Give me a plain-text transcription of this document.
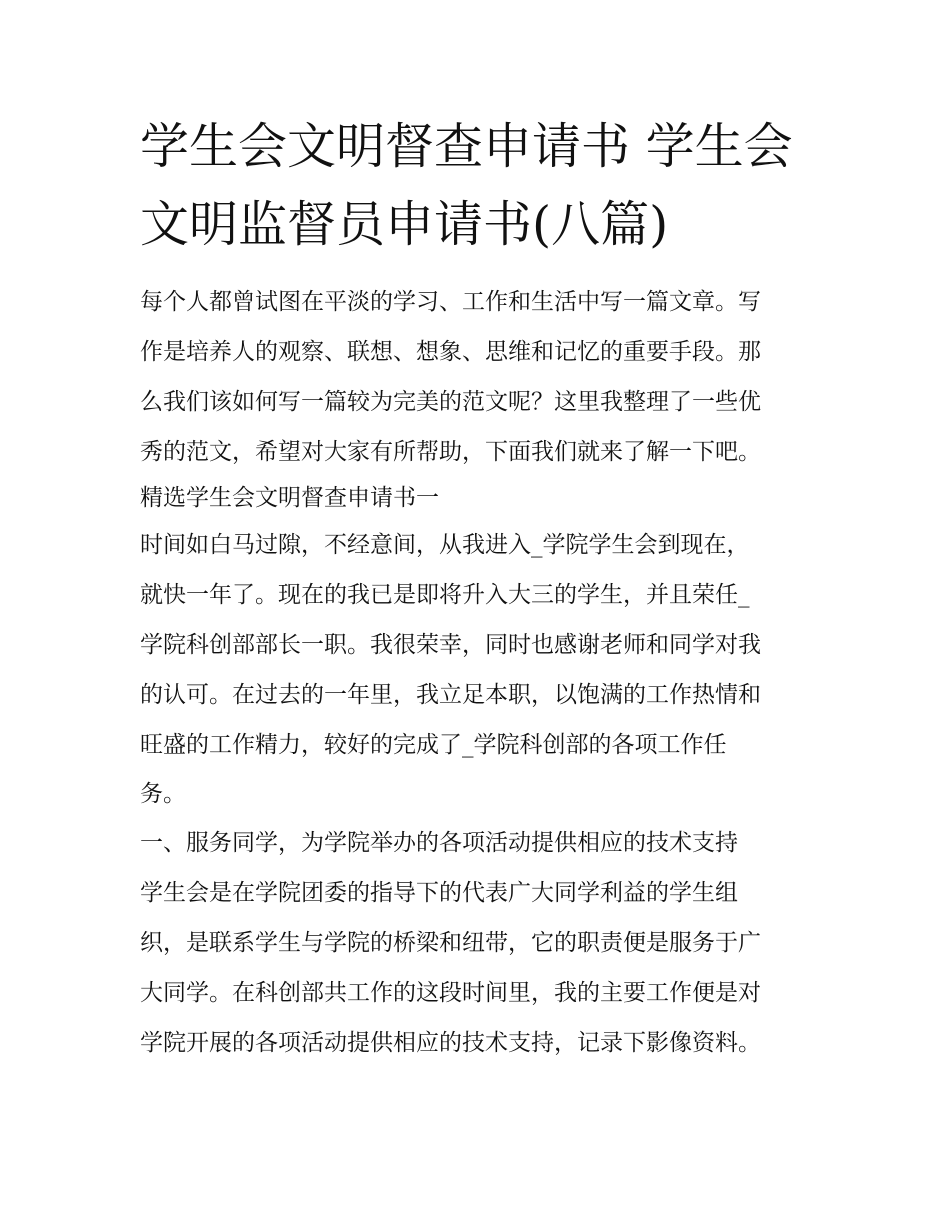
学生会文明督查申请书 学生会
文明监督员申请书(八篇)
每个人都曾试图在平淡的学习、工作和生活中写一篇文章。写
作是培养人的观察、联想、想象、思维和记忆的重要手段。那
么我们该如何写一篇较为完美的范文呢？这里我整理了一些优
秀的范文，希望对大家有所帮助，下面我们就来了解一下吧。
精选学生会文明督查申请书一
时间如白马过隙，不经意间，从我进入_学院学生会到现在，
就快一年了。现在的我已是即将升入大三的学生，并且荣任_
学院科创部部长一职。我很荣幸，同时也感谢老师和同学对我
的认可。在过去的一年里，我立足本职，以饱满的工作热情和
旺盛的工作精力，较好的完成了_学院科创部的各项工作任
务。
一、服务同学，为学院举办的各项活动提供相应的技术支持
学生会是在学院团委的指导下的代表广大同学利益的学生组
织，是联系学生与学院的桥梁和纽带，它的职责便是服务于广
大同学。在科创部共工作的这段时间里，我的主要工作便是对
学院开展的各项活动提供相应的技术支持，记录下影像资料。
